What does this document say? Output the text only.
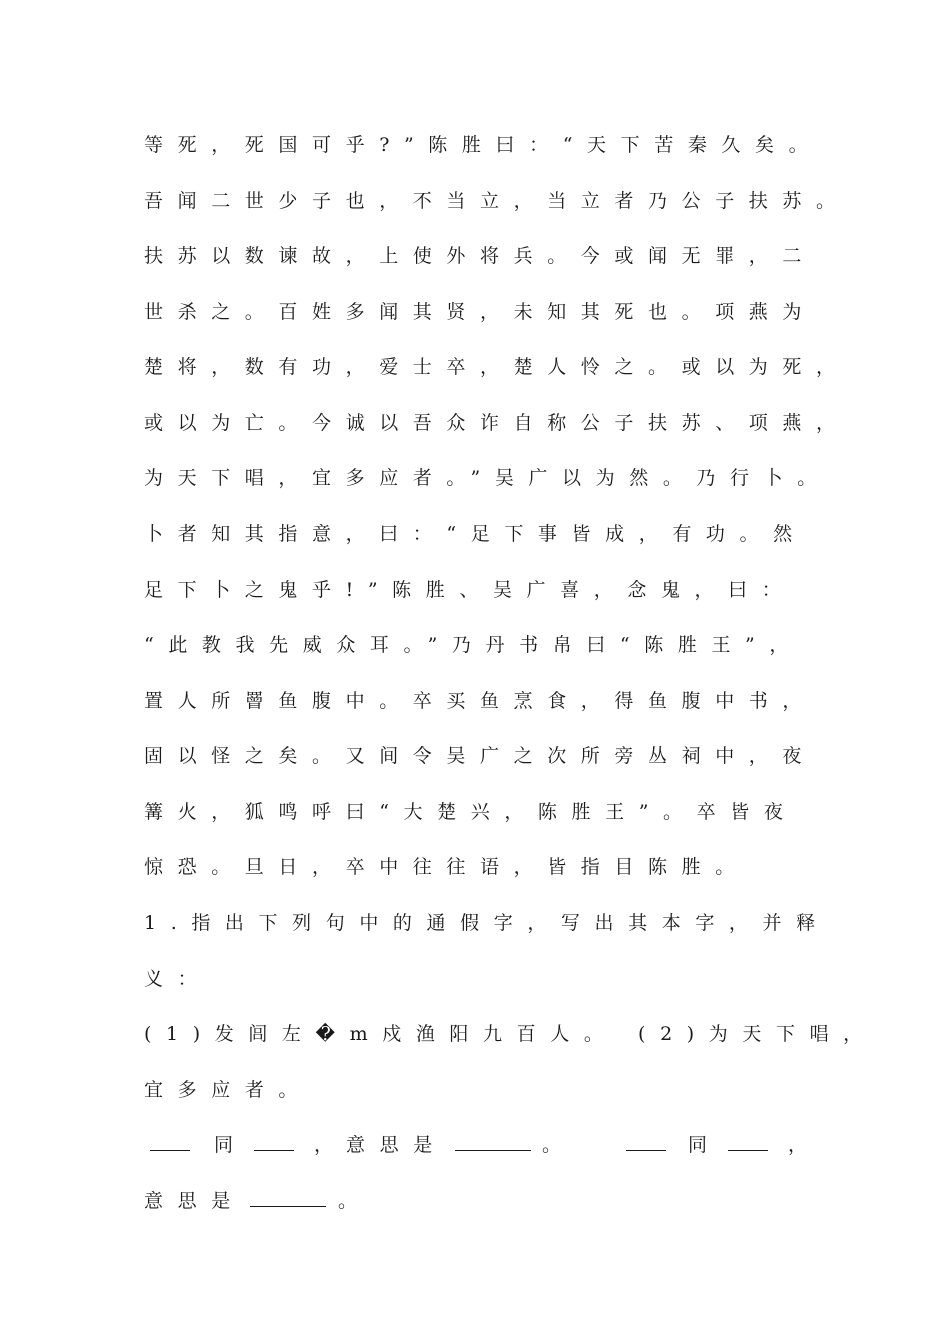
等死，死国可乎?”陈胜曰：“天下苦秦久矣。
吾闻二世少子也，不当立，当立者乃公子扶苏。
扶苏以数谏故，上使外将兵。今或闻无罪，二
世杀之。百姓多闻其贤，未知其死也。项燕为
楚将，数有功，爱士卒，楚人怜之。或以为死，
或以为亡。今诚以吾众诈自称公子扶苏、项燕，
为天下唱，宜多应者。”吴广以为然。乃行卜。
卜者知其指意，曰：“足下事皆成，有功。然
足下卜之鬼乎!”陈胜、吴广喜，念鬼，曰：
“此教我先威众耳。”乃丹书帛曰“陈胜王”，
置人所罾鱼腹中。卒买鱼烹食，得鱼腹中书，
固以怪之矣。又间令吴广之次所旁丛祠中，夜
篝火，狐鸣呼曰“大楚兴，陈胜王”。卒皆夜
惊恐。旦日，卒中往往语，皆指目陈胜。
1.指出下列句中的通假字，写出其本字，并释
义：
(1)发闾左�m戍渔阳九百人。 (2)为天下唱，
宜多应者。
同	， 意思是	。	同	，
意思是	。
